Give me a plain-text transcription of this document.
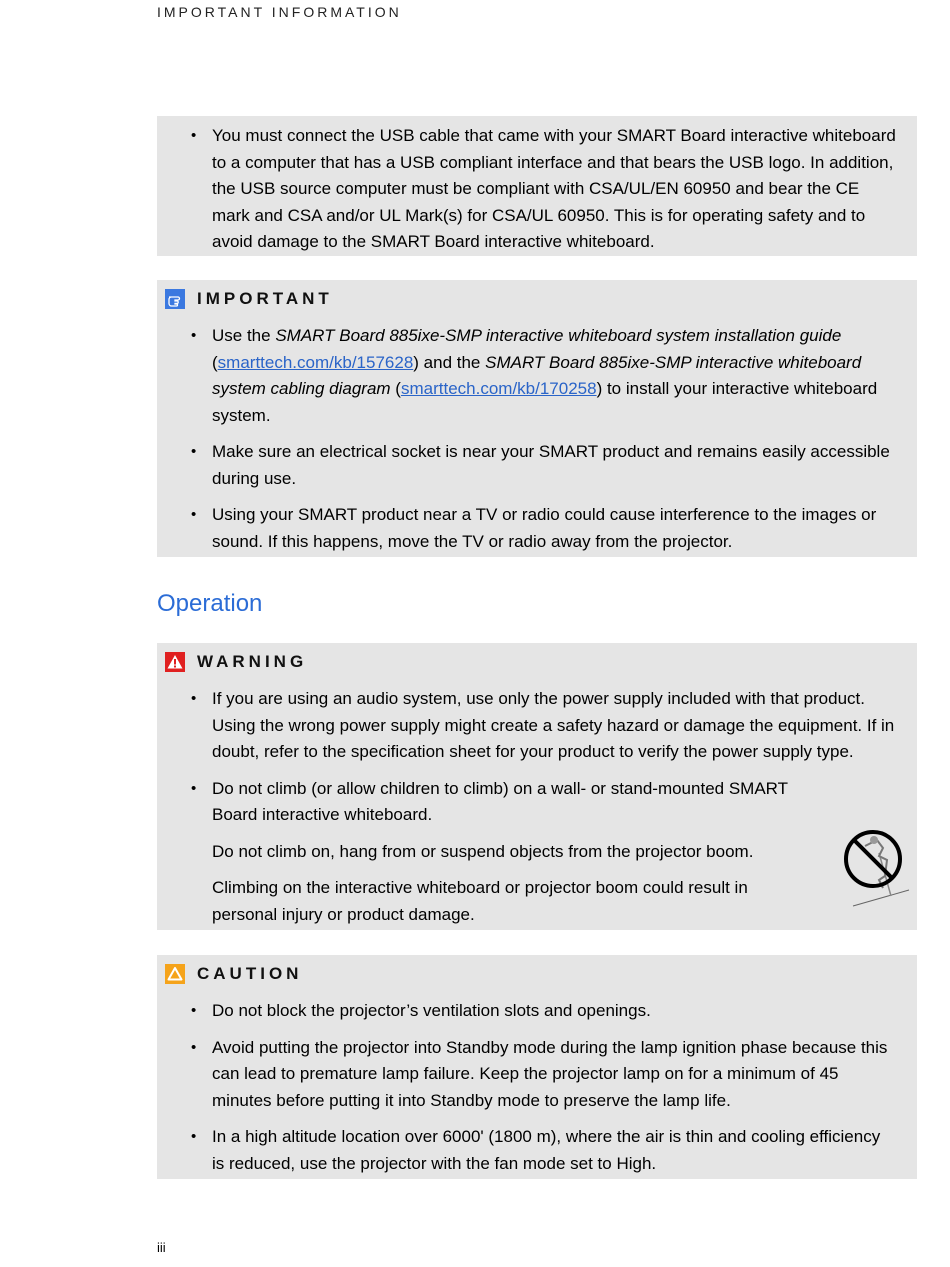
IMPORTANT INFORMATION
• You must connect the USB cable that came with your SMART Board interactive whiteboard to a computer that has a USB compliant interface and that bears the USB logo. In addition, the USB source computer must be compliant with CSA/UL/EN 60950 and bear the CE mark and CSA and/or UL Mark(s) for CSA/UL 60950. This is for operating safety and to avoid damage to the SMART Board interactive whiteboard.
IMPORTANT
• Use the SMART Board 885ixe-SMP interactive whiteboard system installation guide (smarttech.com/kb/157628) and the SMART Board 885ixe-SMP interactive whiteboard system cabling diagram (smarttech.com/kb/170258) to install your interactive whiteboard system.
• Make sure an electrical socket is near your SMART product and remains easily accessible during use.
• Using your SMART product near a TV or radio could cause interference to the images or sound. If this happens, move the TV or radio away from the projector.
Operation
WARNING
• If you are using an audio system, use only the power supply included with that product. Using the wrong power supply might create a safety hazard or damage the equipment. If in doubt, refer to the specification sheet for your product to verify the power supply type.
• Do not climb (or allow children to climb) on a wall- or stand-mounted SMART Board interactive whiteboard.
Do not climb on, hang from or suspend objects from the projector boom.
Climbing on the interactive whiteboard or projector boom could result in personal injury or product damage.
CAUTION
• Do not block the projector’s ventilation slots and openings.
• Avoid putting the projector into Standby mode during the lamp ignition phase because this can lead to premature lamp failure. Keep the projector lamp on for a minimum of 45 minutes before putting it into Standby mode to preserve the lamp life.
• In a high altitude location over 6000' (1800 m), where the air is thin and cooling efficiency is reduced, use the projector with the fan mode set to High.
iii
